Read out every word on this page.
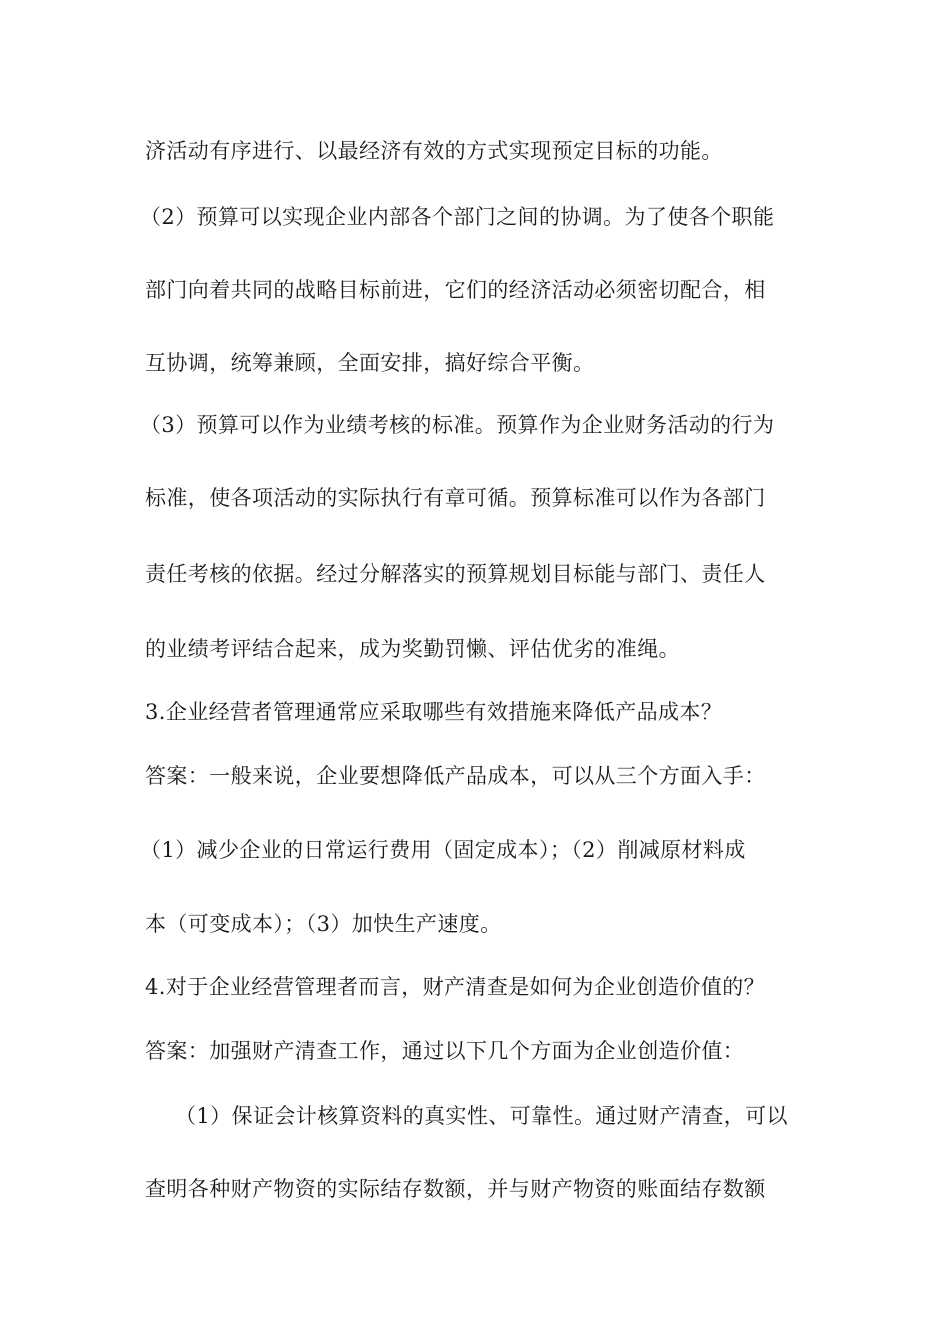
济活动有序进行、以最经济有效的方式实现预定目标的功能。
（2）预算可以实现企业内部各个部门之间的协调。为了使各个职能
部门向着共同的战略目标前进，它们的经济活动必须密切配合，相
互协调，统筹兼顾，全面安排，搞好综合平衡。
（3）预算可以作为业绩考核的标准。预算作为企业财务活动的行为
标准，使各项活动的实际执行有章可循。预算标准可以作为各部门
责任考核的依据。经过分解落实的预算规划目标能与部门、责任人
的业绩考评结合起来，成为奖勤罚懒、评估优劣的准绳。
3.企业经营者管理通常应采取哪些有效措施来降低产品成本？
答案：一般来说，企业要想降低产品成本，可以从三个方面入手：
（1）减少企业的日常运行费用（固定成本）；（2）削减原材料成
本（可变成本）；（3）加快生产速度。
4.对于企业经营管理者而言，财产清查是如何为企业创造价值的？
答案：加强财产清查工作，通过以下几个方面为企业创造价值：
（1）保证会计核算资料的真实性、可靠性。通过财产清查，可以
查明各种财产物资的实际结存数额，并与财产物资的账面结存数额
